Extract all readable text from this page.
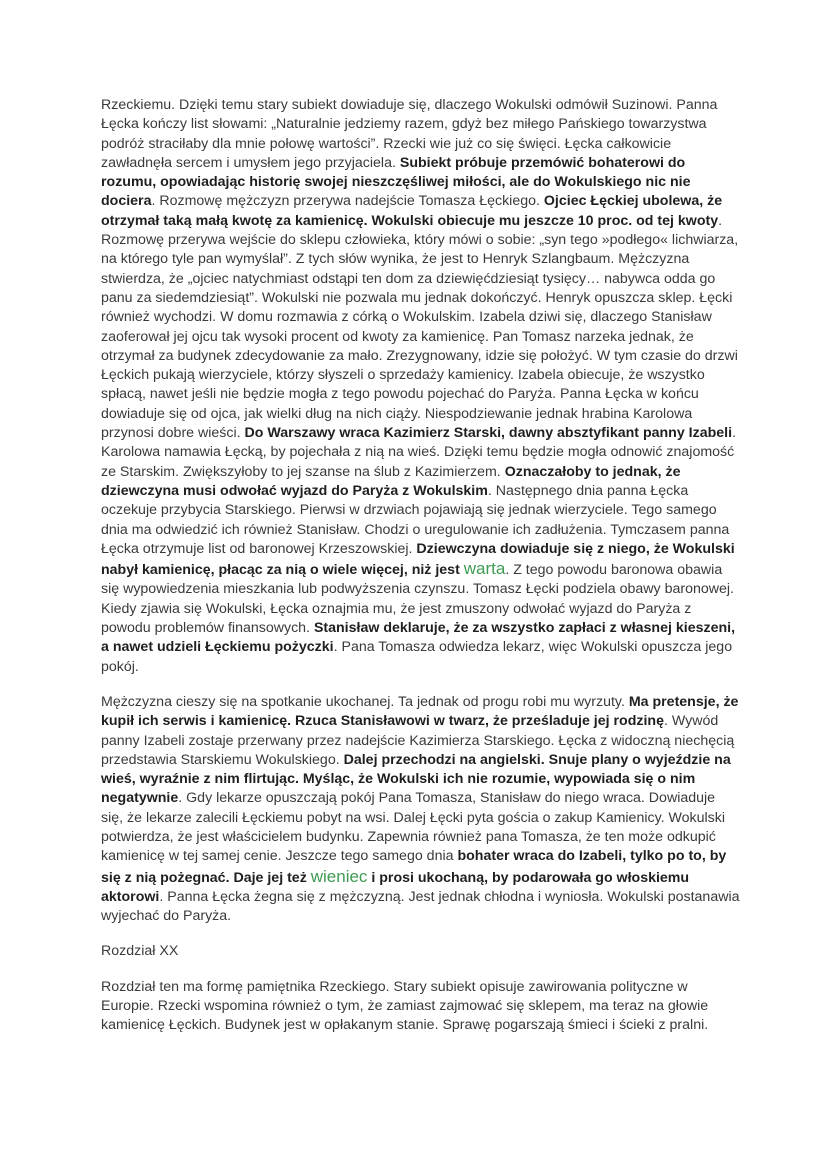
Rzeckiemu. Dzięki temu stary subiekt dowiaduje się, dlaczego Wokulski odmówił Suzinowi. Panna Łęcka kończy list słowami: „Naturalnie jedziemy razem, gdyż bez miłego Pańskiego towarzystwa podróż straciłaby dla mnie połowę wartości”. Rzecki wie już co się święci. Łęcka całkowicie zawładnęła sercem i umysłem jego przyjaciela. Subiekt próbuje przemówić bohaterowi do rozumu, opowiadając historię swojej nieszczęśliwej miłości, ale do Wokulskiego nic nie dociera. Rozmowę mężczyzn przerywa nadejście Tomasza Łęckiego. Ojciec Łęckiej ubolewa, że otrzymał taką małą kwotę za kamienicę. Wokulski obiecuje mu jeszcze 10 proc. od tej kwoty. Rozmowę przerywa wejście do sklepu człowieka, który mówi o sobie: „syn tego »podłego« lichwiarza, na którego tyle pan wymyślał”. Z tych słów wynika, że jest to Henryk Szlangbaum. Mężczyzna stwierdza, że „ojciec natychmiast odstąpi ten dom za dziewięćdziesiąt tysięcy… nabywca odda go panu za siedemdziesiąt”. Wokulski nie pozwala mu jednak dokończyć. Henryk opuszcza sklep. Łęcki również wychodzi. W domu rozmawia z córką o Wokulskim. Izabela dziwi się, dlaczego Stanisław zaoferował jej ojcu tak wysoki procent od kwoty za kamienicę. Pan Tomasz narzeka jednak, że otrzymał za budynek zdecydowanie za mało. Zrezygnowany, idzie się położyć. W tym czasie do drzwi Łęckich pukają wierzyciele, którzy słyszeli o sprzedaży kamienicy. Izabela obiecuje, że wszystko spłacą, nawet jeśli nie będzie mogła z tego powodu pojechać do Paryża. Panna Łęcka w końcu dowiaduje się od ojca, jak wielki dług na nich ciąży. Niespodziewanie jednak hrabina Karolowa przynosi dobre wieści. Do Warszawy wraca Kazimierz Starski, dawny absztyfikant panny Izabeli. Karolowa namawia Łęcką, by pojechała z nią na wieś. Dzięki temu będzie mogła odnowić znajomość ze Starskim. Zwiększyłoby to jej szanse na ślub z Kazimierzem. Oznaczałoby to jednak, że dziewczyna musi odwołać wyjazd do Paryża z Wokulskim. Następnego dnia panna Łęcka oczekuje przybycia Starskiego. Pierwsi w drzwiach pojawiają się jednak wierzyciele. Tego samego dnia ma odwiedzić ich również Stanisław. Chodzi o uregulowanie ich zadłużenia. Tymczasem panna Łęcka otrzymuje list od baronowej Krzeszowskiej. Dziewczyna dowiaduje się z niego, że Wokulski nabył kamienicę, płacąc za nią o wiele więcej, niż jest warta. Z tego powodu baronowa obawia się wypowiedzenia mieszkania lub podwyższenia czynszu. Tomasz Łęcki podziela obawy baronowej. Kiedy zjawia się Wokulski, Łęcka oznajmia mu, że jest zmuszony odwołać wyjazd do Paryża z powodu problemów finansowych. Stanisław deklaruje, że za wszystko zapłaci z własnej kieszeni, a nawet udzieli Łęckiemu pożyczki. Pana Tomasza odwiedza lekarz, więc Wokulski opuszcza jego pokój.

Mężczyzna cieszy się na spotkanie ukochanej. Ta jednak od progu robi mu wyrzuty. Ma pretensje, że kupił ich serwis i kamienicę. Rzuca Stanisławowi w twarz, że prześladuje jej rodzinę. Wywód panny Izabeli zostaje przerwany przez nadejście Kazimierza Starskiego. Łęcka z widoczną niechęcią przedstawia Starskiemu Wokulskiego. Dalej przechodzi na angielski. Snuje plany o wyjeździe na wieś, wyraźnie z nim flirtując. Myśląc, że Wokulski ich nie rozumie, wypowiada się o nim negatywnie. Gdy lekarze opuszczają pokój Pana Tomasza, Stanisław do niego wraca. Dowiaduje się, że lekarze zalecili Łęckiemu pobyt na wsi. Dalej Łęcki pyta gościa o zakup Kamienicy. Wokulski potwierdza, że jest właścicielem budynku. Zapewnia również pana Tomasza, że ten może odkupić kamienicę w tej samej cenie. Jeszcze tego samego dnia bohater wraca do Izabeli, tylko po to, by się z nią pożegnać. Daje jej też wieniec i prosi ukochaną, by podarowała go włoskiemu aktorowi. Panna Łęcka żegna się z mężczyzną. Jest jednak chłodna i wyniosła. Wokulski postanawia wyjechać do Paryża.

Rozdział XX

Rozdział ten ma formę pamiętnika Rzeckiego. Stary subiekt opisuje zawirowania polityczne w Europie. Rzecki wspomina również o tym, że zamiast zajmować się sklepem, ma teraz na głowie kamienicę Łęckich. Budynek jest w opłakanym stanie. Sprawę pogarszają śmieci i ścieki z pralni.
